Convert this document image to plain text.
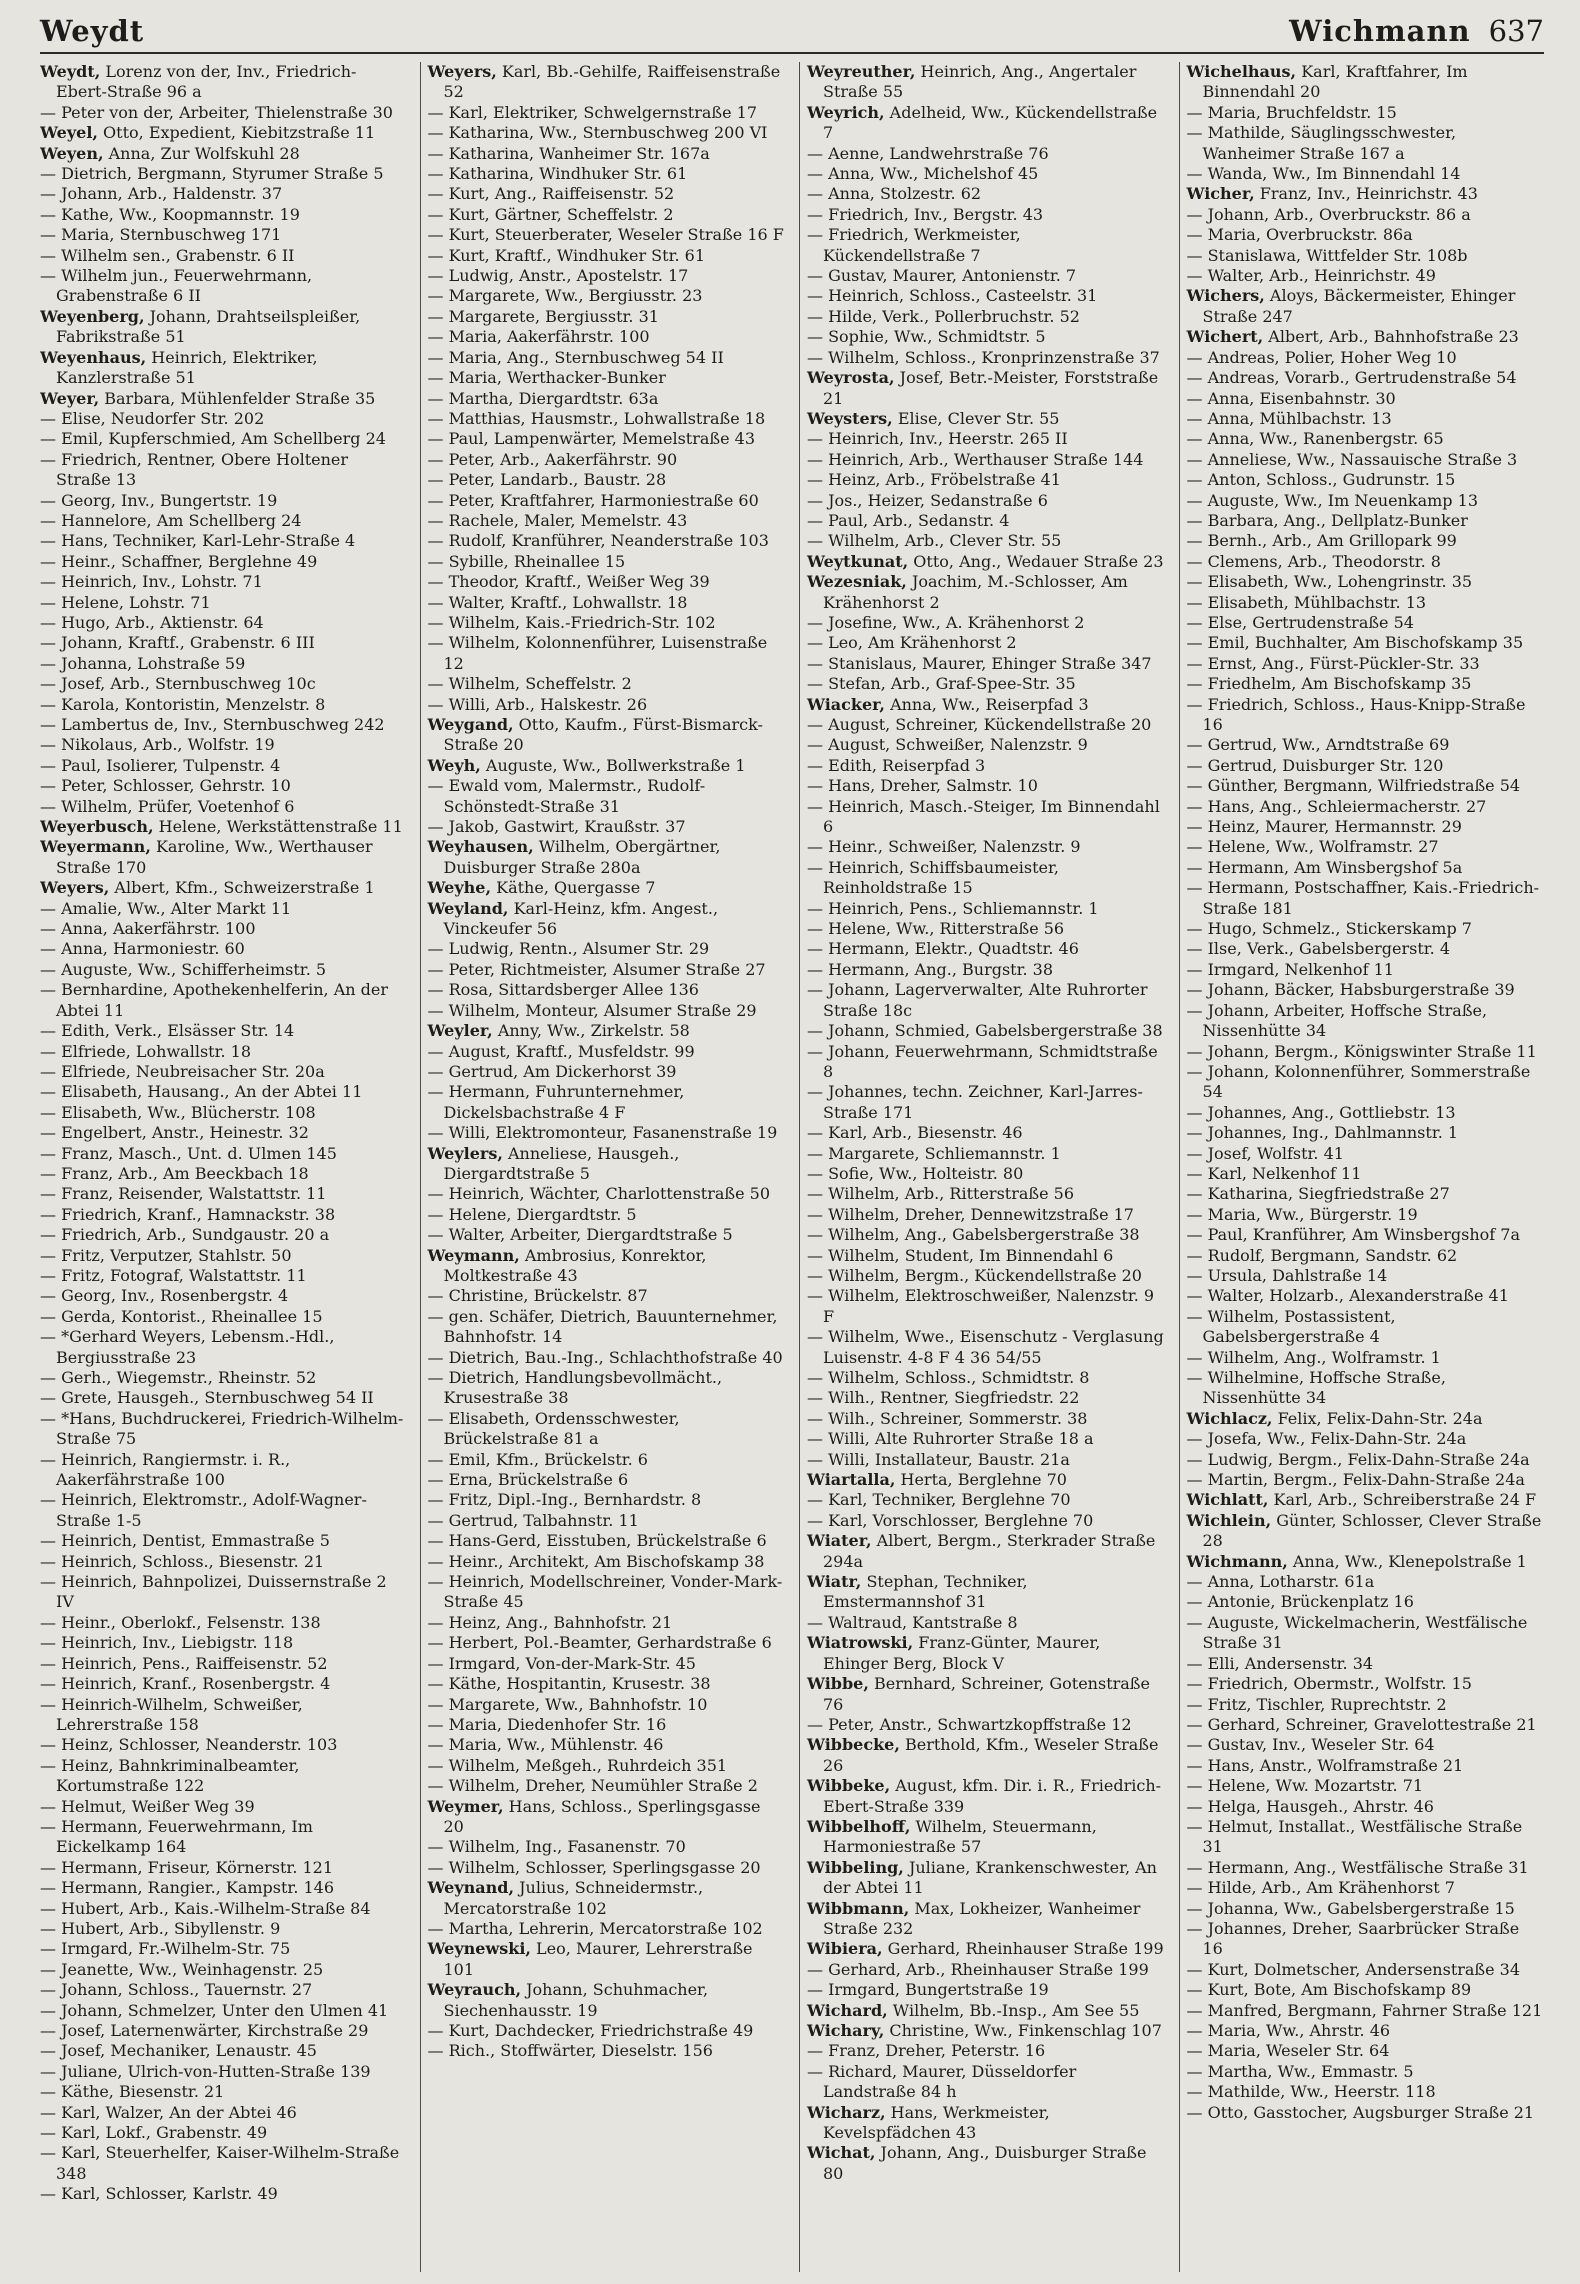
Weydt	Wichmann 637

Weydt, Lorenz von der, Inv., Friedrich-Ebert-Straße 96 a

— Peter von der, Arbeiter, Thielenstraße 30

Weyel, Otto, Expedient, Kiebitzstraße 11

Weyen, Anna, Zur Wolfskuhl 28

— Dietrich, Bergmann, Styrumer Straße 5

— Johann, Arb., Haldenstr. 37

— Kathe, Ww., Koopmannstr. 19

— Maria, Sternbuschweg 171

— Wilhelm sen., Grabenstr. 6 II

— Wilhelm jun., Feuerwehrmann, Grabenstraße 6 II

Weyenberg, Johann, Drahtseilspleißer, Fabrikstraße 51

Weyenhaus, Heinrich, Elektriker, Kanzlerstraße 51

Weyer, Barbara, Mühlenfelder Straße 35

— Elise, Neudorfer Str. 202

— Emil, Kupferschmied, Am Schellberg 24

— Friedrich, Rentner, Obere Holtener Straße 13

— Georg, Inv., Bungertstr. 19

— Hannelore, Am Schellberg 24

— Hans, Techniker, Karl-Lehr-Straße 4

— Heinr., Schaffner, Berglehne 49

— Heinrich, Inv., Lohstr. 71

— Helene, Lohstr. 71

— Hugo, Arb., Aktienstr. 64

— Johann, Kraftf., Grabenstr. 6 III

— Johanna, Lohstraße 59

— Josef, Arb., Sternbuschweg 10c

— Karola, Kontoristin, Menzelstr. 8

— Lambertus de, Inv., Sternbuschweg 242

— Nikolaus, Arb., Wolfstr. 19

— Paul, Isolierer, Tulpenstr. 4

— Peter, Schlosser, Gehrstr. 10

— Wilhelm, Prüfer, Voetenhof 6

Weyerbusch, Helene, Werkstättenstraße 11

Weyermann, Karoline, Ww., Werthauser Straße 170

Weyers, Albert, Kfm., Schweizerstraße 1

— Amalie, Ww., Alter Markt 11

— Anna, Aakerfährstr. 100

— Anna, Harmoniestr. 60

— Auguste, Ww., Schifferheimstr. 5

— Bernhardine, Apothekenhelferin, An der Abtei 11

— Edith, Verk., Elsässer Str. 14

— Elfriede, Lohwallstr. 18

— Elfriede, Neubreisacher Str. 20a

— Elisabeth, Hausang., An der Abtei 11

— Elisabeth, Ww., Blücherstr. 108

— Engelbert, Anstr., Heinestr. 32

— Franz, Masch., Unt. d. Ulmen 145

— Franz, Arb., Am Beeckbach 18

— Franz, Reisender, Walstattstr. 11

— Friedrich, Kranf., Hamnackstr. 38

— Friedrich, Arb., Sundgaustr. 20 a

— Fritz, Verputzer, Stahlstr. 50

— Fritz, Fotograf, Walstattstr. 11

— Georg, Inv., Rosenbergstr. 4

— Gerda, Kontorist., Rheinallee 15

— *Gerhard Weyers, Lebensm.-Hdl., Bergiusstraße 23

— Gerh., Wiegemstr., Rheinstr. 52

— Grete, Hausgeh., Sternbuschweg 54 II

— *Hans, Buchdruckerei, Friedrich-Wilhelm-Straße 75

— Heinrich, Rangiermstr. i. R., Aakerfährstraße 100

— Heinrich, Elektromstr., Adolf-Wagner-Straße 1-5

— Heinrich, Dentist, Emmastraße 5

— Heinrich, Schloss., Biesenstr. 21

— Heinrich, Bahnpolizei, Duissernstraße 2 IV

— Heinr., Oberlokf., Felsenstr. 138

— Heinrich, Inv., Liebigstr. 118

— Heinrich, Pens., Raiffeisenstr. 52

— Heinrich, Kranf., Rosenbergstr. 4

— Heinrich-Wilhelm, Schweißer, Lehrerstraße 158

— Heinz, Schlosser, Neanderstr. 103

— Heinz, Bahnkriminalbeamter, Kortumstraße 122

— Helmut, Weißer Weg 39

— Hermann, Feuerwehrmann, Im Eickelkamp 164

— Hermann, Friseur, Körnerstr. 121

— Hermann, Rangier., Kampstr. 146

— Hubert, Arb., Kais.-Wilhelm-Straße 84

— Hubert, Arb., Sibyllenstr. 9

— Irmgard, Fr.-Wilhelm-Str. 75

— Jeanette, Ww., Weinhagenstr. 25

— Johann, Schloss., Tauernstr. 27

— Johann, Schmelzer, Unter den Ulmen 41

— Josef, Laternenwärter, Kirchstraße 29

— Josef, Mechaniker, Lenaustr. 45

— Juliane, Ulrich-von-Hutten-Straße 139

— Käthe, Biesenstr. 21

— Karl, Walzer, An der Abtei 46

— Karl, Lokf., Grabenstr. 49

— Karl, Steuerhelfer, Kaiser-Wilhelm-Straße 348

— Karl, Schlosser, Karlstr. 49

Weyers, Karl, Bb.-Gehilfe, Raiffeisenstraße 52

— Karl, Elektriker, Schwelgernstraße 17

— Katharina, Ww., Sternbuschweg 200 VI

— Katharina, Wanheimer Str. 167a

— Katharina, Windhuker Str. 61

— Kurt, Ang., Raiffeisenstr. 52

— Kurt, Gärtner, Scheffelstr. 2

— Kurt, Steuerberater, Weseler Straße 16 F

— Kurt, Kraftf., Windhuker Str. 61

— Ludwig, Anstr., Apostelstr. 17

— Margarete, Ww., Bergiusstr. 23

— Margarete, Bergiusstr. 31

— Maria, Aakerfährstr. 100

— Maria, Ang., Sternbuschweg 54 II

— Maria, Werthacker-Bunker

— Martha, Diergardtstr. 63a

— Matthias, Hausmstr., Lohwallstraße 18

— Paul, Lampenwärter, Memelstraße 43

— Peter, Arb., Aakerfährstr. 90

— Peter, Landarb., Baustr. 28

— Peter, Kraftfahrer, Harmoniestraße 60

— Rachele, Maler, Memelstr. 43

— Rudolf, Kranführer, Neanderstraße 103

— Sybille, Rheinallee 15

— Theodor, Kraftf., Weißer Weg 39

— Walter, Kraftf., Lohwallstr. 18

— Wilhelm, Kais.-Friedrich-Str. 102

— Wilhelm, Kolonnenführer, Luisenstraße 12

— Wilhelm, Scheffelstr. 2

— Willi, Arb., Halskestr. 26

Weygand, Otto, Kaufm., Fürst-Bismarck-Straße 20

Weyh, Auguste, Ww., Bollwerkstraße 1

— Ewald vom, Malermstr., Rudolf-Schönstedt-Straße 31

— Jakob, Gastwirt, Kraußstr. 37

Weyhausen, Wilhelm, Obergärtner, Duisburger Straße 280a

Weyhe, Käthe, Quergasse 7

Weyland, Karl-Heinz, kfm. Angest., Vinckeufer 56

— Ludwig, Rentn., Alsumer Str. 29

— Peter, Richtmeister, Alsumer Straße 27

— Rosa, Sittardsberger Allee 136

— Wilhelm, Monteur, Alsumer Straße 29

Weyler, Anny, Ww., Zirkelstr. 58

— August, Kraftf., Musfeldstr. 99

— Gertrud, Am Dickerhorst 39

— Hermann, Fuhrunternehmer, Dickelsbachstraße 4 F

— Willi, Elektromonteur, Fasanenstraße 19

Weylers, Anneliese, Hausgeh., Diergardtstraße 5

— Heinrich, Wächter, Charlottenstraße 50

— Helene, Diergardtstr. 5

— Walter, Arbeiter, Diergardtstraße 5

Weymann, Ambrosius, Konrektor, Moltkestraße 43

— Christine, Brückelstr. 87

— gen. Schäfer, Dietrich, Bauunternehmer, Bahnhofstr. 14

— Dietrich, Bau.-Ing., Schlachthofstraße 40

— Dietrich, Handlungsbevollmächt., Krusestraße 38

— Elisabeth, Ordensschwester, Brückelstraße 81 a

— Emil, Kfm., Brückelstr. 6

— Erna, Brückelstraße 6

— Fritz, Dipl.-Ing., Bernhardstr. 8

— Gertrud, Talbahnstr. 11

— Hans-Gerd, Eisstuben, Brückelstraße 6

— Heinr., Architekt, Am Bischofskamp 38

— Heinrich, Modellschreiner, Vonder-Mark-Straße 45

— Heinz, Ang., Bahnhofstr. 21

— Herbert, Pol.-Beamter, Gerhardstraße 6

— Irmgard, Von-der-Mark-Str. 45

— Käthe, Hospitantin, Krusestr. 38

— Margarete, Ww., Bahnhofstr. 10

— Maria, Diedenhofer Str. 16

— Maria, Ww., Mühlenstr. 46

— Wilhelm, Meßgeh., Ruhrdeich 351

— Wilhelm, Dreher, Neumühler Straße 2

Weymer, Hans, Schloss., Sperlingsgasse 20

— Wilhelm, Ing., Fasanenstr. 70

— Wilhelm, Schlosser, Sperlingsgasse 20

Weynand, Julius, Schneidermstr., Mercatorstraße 102

— Martha, Lehrerin, Mercatorstraße 102

Weynewski, Leo, Maurer, Lehrerstraße 101

Weyrauch, Johann, Schuhmacher, Siechenhausstr. 19

— Kurt, Dachdecker, Friedrichstraße 49

— Rich., Stoffwärter, Dieselstr. 156

Weyreuther, Heinrich, Ang., Angertaler Straße 55

Weyrich, Adelheid, Ww., Kückendellstraße 7

— Aenne, Landwehrstraße 76

— Anna, Ww., Michelshof 45

— Anna, Stolzestr. 62

— Friedrich, Inv., Bergstr. 43

— Friedrich, Werkmeister, Kückendellstraße 7

— Gustav, Maurer, Antonienstr. 7

— Heinrich, Schloss., Casteelstr. 31

— Hilde, Verk., Pollerbruchstr. 52

— Sophie, Ww., Schmidtstr. 5

— Wilhelm, Schloss., Kronprinzenstraße 37

Weyrosta, Josef, Betr.-Meister, Forststraße 21

Weysters, Elise, Clever Str. 55

— Heinrich, Inv., Heerstr. 265 II

— Heinrich, Arb., Werthauser Straße 144

— Heinz, Arb., Fröbelstraße 41

— Jos., Heizer, Sedanstraße 6

— Paul, Arb., Sedanstr. 4

— Wilhelm, Arb., Clever Str. 55

Weytkunat, Otto, Ang., Wedauer Straße 23

Wezesniak, Joachim, M.-Schlosser, Am Krähenhorst 2

— Josefine, Ww., A. Krähenhorst 2

— Leo, Am Krähenhorst 2

— Stanislaus, Maurer, Ehinger Straße 347

— Stefan, Arb., Graf-Spee-Str. 35

Wiacker, Anna, Ww., Reiserpfad 3

— August, Schreiner, Kückendellstraße 20

— August, Schweißer, Nalenzstr. 9

— Edith, Reiserpfad 3

— Hans, Dreher, Salmstr. 10

— Heinrich, Masch.-Steiger, Im Binnendahl 6

— Heinr., Schweißer, Nalenzstr. 9

— Heinrich, Schiffsbaumeister, Reinholdstraße 15

— Heinrich, Pens., Schliemannstr. 1

— Helene, Ww., Ritterstraße 56

— Hermann, Elektr., Quadtstr. 46

— Hermann, Ang., Burgstr. 38

— Johann, Lagerverwalter, Alte Ruhrorter Straße 18c

— Johann, Schmied, Gabelsbergerstraße 38

— Johann, Feuerwehrmann, Schmidtstraße 8

— Johannes, techn. Zeichner, Karl-Jarres-Straße 171

— Karl, Arb., Biesenstr. 46

— Margarete, Schliemannstr. 1

— Sofie, Ww., Holteistr. 80

— Wilhelm, Arb., Ritterstraße 56

— Wilhelm, Dreher, Dennewitzstraße 17

— Wilhelm, Ang., Gabelsbergerstraße 38

— Wilhelm, Student, Im Binnendahl 6

— Wilhelm, Bergm., Kückendellstraße 20

— Wilhelm, Elektroschweißer, Nalenzstr. 9 F

— Wilhelm, Wwe., Eisenschutz - Verglasung Luisenstr. 4-8 F 4 36 54/55

— Wilhelm, Schloss., Schmidtstr. 8

— Wilh., Rentner, Siegfriedstr. 22

— Wilh., Schreiner, Sommerstr. 38

— Willi, Alte Ruhrorter Straße 18 a

— Willi, Installateur, Baustr. 21a

Wiartalla, Herta, Berglehne 70

— Karl, Techniker, Berglehne 70

— Karl, Vorschlosser, Berglehne 70

Wiater, Albert, Bergm., Sterkrader Straße 294a

Wiatr, Stephan, Techniker, Emstermannshof 31

— Waltraud, Kantstraße 8

Wiatrowski, Franz-Günter, Maurer, Ehinger Berg, Block V

Wibbe, Bernhard, Schreiner, Gotenstraße 76

— Peter, Anstr., Schwartzkopffstraße 12

Wibbecke, Berthold, Kfm., Weseler Straße 26

Wibbeke, August, kfm. Dir. i. R., Friedrich-Ebert-Straße 339

Wibbelhoff, Wilhelm, Steuermann, Harmoniestraße 57

Wibbeling, Juliane, Krankenschwester, An der Abtei 11

Wibbmann, Max, Lokheizer, Wanheimer Straße 232

Wibiera, Gerhard, Rheinhauser Straße 199

— Gerhard, Arb., Rheinhauser Straße 199

— Irmgard, Bungertstraße 19

Wichard, Wilhelm, Bb.-Insp., Am See 55

Wichary, Christine, Ww., Finkenschlag 107

— Franz, Dreher, Peterstr. 16

— Richard, Maurer, Düsseldorfer Landstraße 84 h

Wicharz, Hans, Werkmeister, Kevelspfädchen 43

Wichat, Johann, Ang., Duisburger Straße 80

Wichelhaus, Karl, Kraftfahrer, Im Binnendahl 20

— Maria, Bruchfeldstr. 15

— Mathilde, Säuglingsschwester, Wanheimer Straße 167 a

— Wanda, Ww., Im Binnendahl 14

Wicher, Franz, Inv., Heinrichstr. 43

— Johann, Arb., Overbruckstr. 86 a

— Maria, Overbruckstr. 86a

— Stanislawa, Wittfelder Str. 108b

— Walter, Arb., Heinrichstr. 49

Wichers, Aloys, Bäckermeister, Ehinger Straße 247

Wichert, Albert, Arb., Bahnhofstraße 23

— Andreas, Polier, Hoher Weg 10

— Andreas, Vorarb., Gertrudenstraße 54

— Anna, Eisenbahnstr. 30

— Anna, Mühlbachstr. 13

— Anna, Ww., Ranenbergstr. 65

— Anneliese, Ww., Nassauische Straße 3

— Anton, Schloss., Gudrunstr. 15

— Auguste, Ww., Im Neuenkamp 13

— Barbara, Ang., Dellplatz-Bunker

— Bernh., Arb., Am Grillopark 99

— Clemens, Arb., Theodorstr. 8

— Elisabeth, Ww., Lohengrinstr. 35

— Elisabeth, Mühlbachstr. 13

— Else, Gertrudenstraße 54

— Emil, Buchhalter, Am Bischofskamp 35

— Ernst, Ang., Fürst-Pückler-Str. 33

— Friedhelm, Am Bischofskamp 35

— Friedrich, Schloss., Haus-Knipp-Straße 16

— Gertrud, Ww., Arndtstraße 69

— Gertrud, Duisburger Str. 120

— Günther, Bergmann, Wilfriedstraße 54

— Hans, Ang., Schleiermacherstr. 27

— Heinz, Maurer, Hermannstr. 29

— Helene, Ww., Wolframstr. 27

— Hermann, Am Winsbergshof 5a

— Hermann, Postschaffner, Kais.-Friedrich-Straße 181

— Hugo, Schmelz., Stickerskamp 7

— Ilse, Verk., Gabelsbergerstr. 4

— Irmgard, Nelkenhof 11

— Johann, Bäcker, Habsburgerstraße 39

— Johann, Arbeiter, Hoffsche Straße, Nissenhütte 34

— Johann, Bergm., Königswinter Straße 11

— Johann, Kolonnenführer, Sommerstraße 54

— Johannes, Ang., Gottliebstr. 13

— Johannes, Ing., Dahlmannstr. 1

— Josef, Wolfstr. 41

— Karl, Nelkenhof 11

— Katharina, Siegfriedstraße 27

— Maria, Ww., Bürgerstr. 19

— Paul, Kranführer, Am Winsbergshof 7a

— Rudolf, Bergmann, Sandstr. 62

— Ursula, Dahlstraße 14

— Walter, Holzarb., Alexanderstraße 41

— Wilhelm, Postassistent, Gabelsbergerstraße 4

— Wilhelm, Ang., Wolframstr. 1

— Wilhelmine, Hoffsche Straße, Nissenhütte 34

Wichlacz, Felix, Felix-Dahn-Str. 24a

— Josefa, Ww., Felix-Dahn-Str. 24a

— Ludwig, Bergm., Felix-Dahn-Straße 24a

— Martin, Bergm., Felix-Dahn-Straße 24a

Wichlatt, Karl, Arb., Schreiberstraße 24 F

Wichlein, Günter, Schlosser, Clever Straße 28

Wichmann, Anna, Ww., Klenepolstraße 1

— Anna, Lotharstr. 61a

— Antonie, Brückenplatz 16

— Auguste, Wickelmacherin, Westfälische Straße 31

— Elli, Andersenstr. 34

— Friedrich, Obermstr., Wolfstr. 15

— Fritz, Tischler, Ruprechtstr. 2

— Gerhard, Schreiner, Gravelottestraße 21

— Gustav, Inv., Weseler Str. 64

— Hans, Anstr., Wolframstraße 21

— Helene, Ww. Mozartstr. 71

— Helga, Hausgeh., Ahrstr. 46

— Helmut, Installat., Westfälische Straße 31

— Hermann, Ang., Westfälische Straße 31

— Hilde, Arb., Am Krähenhorst 7

— Johanna, Ww., Gabelsbergerstraße 15

— Johannes, Dreher, Saarbrücker Straße 16

— Kurt, Dolmetscher, Andersenstraße 34

— Kurt, Bote, Am Bischofskamp 89

— Manfred, Bergmann, Fahrner Straße 121

— Maria, Ww., Ahrstr. 46

— Maria, Weseler Str. 64

— Martha, Ww., Emmastr. 5

— Mathilde, Ww., Heerstr. 118

— Otto, Gasstocher, Augsburger Straße 21
